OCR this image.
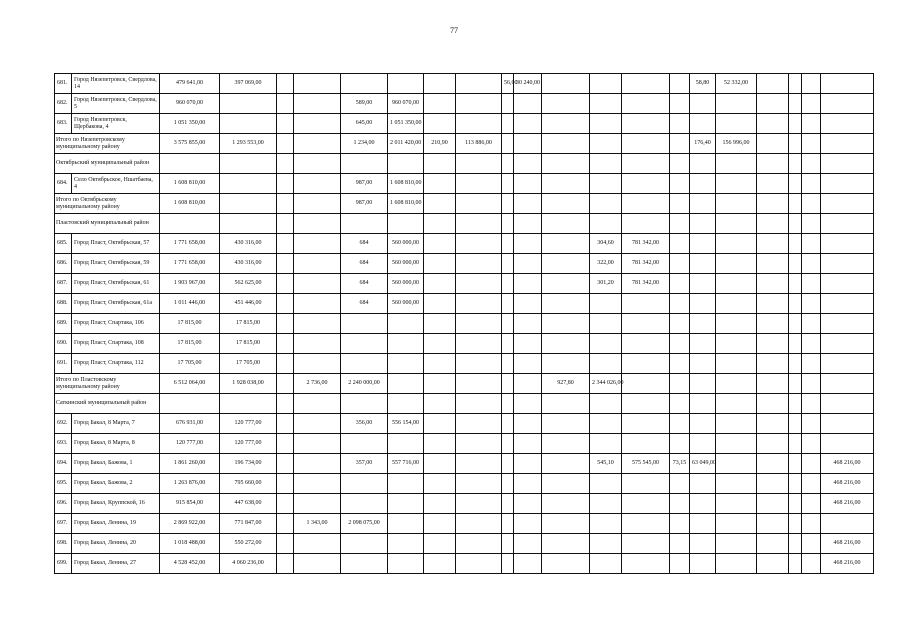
77
681.	Город Нязепетровск, Свердлова, 14	479 641,00	397 069,00							56,00	30 240,00					58,80	52 332,00				
682.	Город Нязепетровск, Свердлова, 5	960 070,00				589,00	960 070,00														
683.	Город Нязепетровск, Щербакова, 4	1 051 350,00				645,00	1 051 350,00														
Итого по Нязепетровскому муниципальному району		3 575 855,00	1 293 553,00			1 234,00	2 011 420,00	210,90	113 886,00							176,40	156 996,00				
Октябрьский муниципальный район																					
684.	Село Октябрьское, Ншатбаева, 4	1 608 810,00				987,00	1 608 810,00														
Итого по Октябрьскому муниципальному району		1 608 810,00				987,00	1 608 810,00														
Пластовский муниципальный район																					
685.	Город Пласт, Октябрьская, 57	1 771 658,00	430 316,00			684	560 000,00						304,60	781 342,00							
686.	Город Пласт, Октябрьская, 59	1 771 658,00	430 316,00			684	560 000,00						322,00	781 342,00							
687.	Город Пласт, Октябрьская, 61	1 903 967,00	562 625,00			684	560 000,00						301,20	781 342,00							
688.	Город Пласт, Октябрьская, 61а	1 011 446,00	451 446,00			684	560 000,00														
689.	Город Пласт, Спартака, 106	17 815,00	17 815,00																		
690.	Город Пласт, Спартака, 108	17 815,00	17 815,00																		
691.	Город Пласт, Спартака, 112	17 705,00	17 705,00																		
Итого по Пластовскому муниципальному району		6 512 064,00	1 928 038,00		2 736,00	2 240 000,00						927,80	2 344 026,00								
Саткинский муниципальный район																					
692.	Город Бакал, 8 Марта, 7	676 931,00	120 777,00			356,00	556 154,00														
693.	Город Бакал, 8 Марта, 8	120 777,00	120 777,00																		
694.	Город Бакал, Бажова, 1	1 861 260,00	196 734,00			357,00	557 716,00						545,10	575 545,00	73,15	63 049,00					468 216,00
695.	Город Бакал, Бажова, 2	1 263 876,00	795 660,00																		468 216,00
696.	Город Бакал, Круппской, 16	915 854,00	447 638,00																		468 216,00
697.	Город Бакал, Ленина, 19	2 869 922,00	771 847,00		1 343,00	2 098 075,00															
698.	Город Бакал, Ленина, 20	1 018 488,00	550 272,00																		468 216,00
699.	Город Бакал, Ленина, 27	4 528 452,00	4 060 236,00																		468 216,00
